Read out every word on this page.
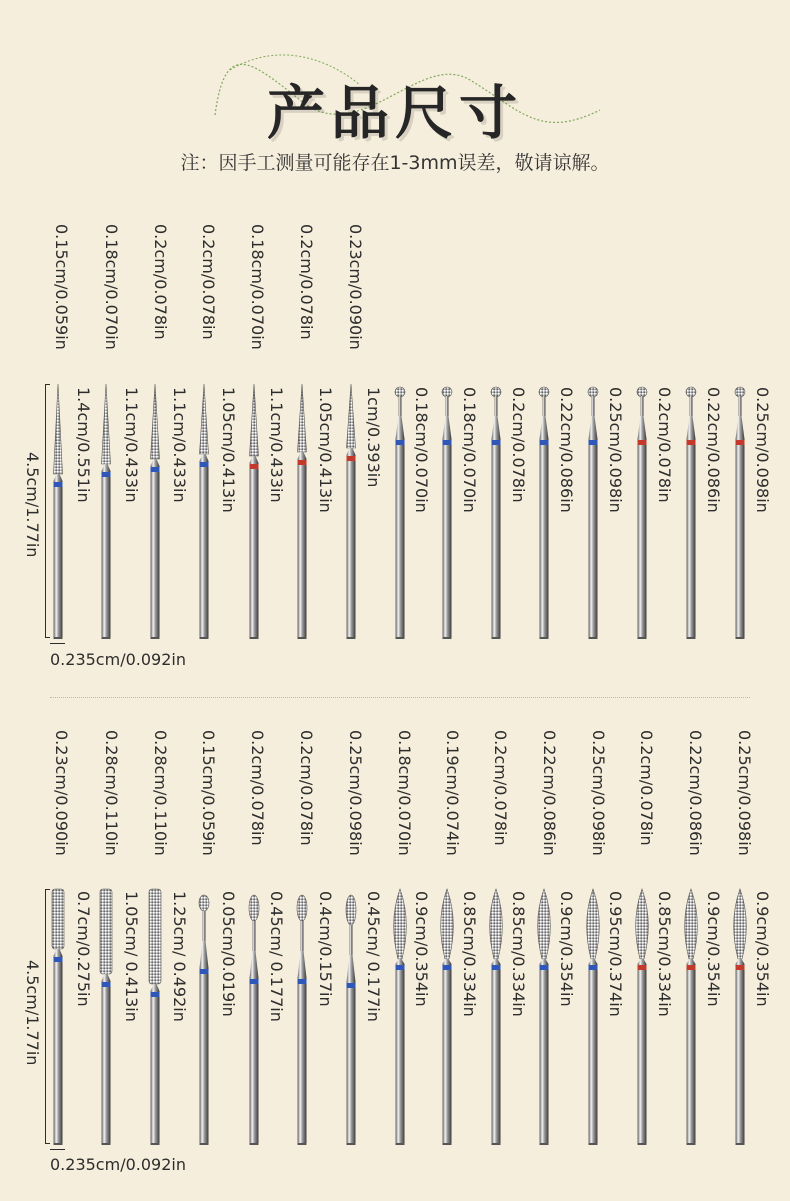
产品尺寸
注：因手工测量可能存在1-3mm误差，敬请谅解。
0.15cm/0.059in 0.18cm/0.070in 0.2cm/0.078in 0.2cm/0.078in 0.18cm/0.070in 0.2cm/0.078in 0.23cm/0.090in
1.4cm/0.551in 1.1cm/0.433in 1.1cm/0.433in 1.05cm/0.413in 1.1cm/0.433in 1.05cm/0.413in 1cm/0.393in 0.18cm/0.070in 0.18cm/0.070in 0.2cm/0.078in 0.22cm/0.086in 0.25cm/0.098in 0.2cm/0.078in 0.22cm/0.086in 0.25cm/0.098in
4.5cm/1.77in
0.235cm/0.092in
0.23cm/0.090in 0.28cm/0.110in 0.28cm/0.110in 0.15cm/0.059in 0.2cm/0.078in 0.2cm/0.078in 0.25cm/0.098in 0.18cm/0.070in 0.19cm/0.074in 0.2cm/0.078in 0.22cm/0.086in 0.25cm/0.098in 0.2cm/0.078in 0.22cm/0.086in 0.25cm/0.098in
0.7cm/0.275in 1.05cm/ 0.413in 1.25cm/ 0.492in 0.05cm/0.019in 0.45cm/ 0.177in 0.4cm/0.157in 0.45cm/ 0.177in 0.9cm/0.354in 0.85cm/0.334in 0.85cm/0.334in 0.9cm/0.354in 0.95cm/0.374in 0.85cm/0.334in 0.9cm/0.354in 0.9cm/0.354in
4.5cm/1.77in
0.235cm/0.092in
